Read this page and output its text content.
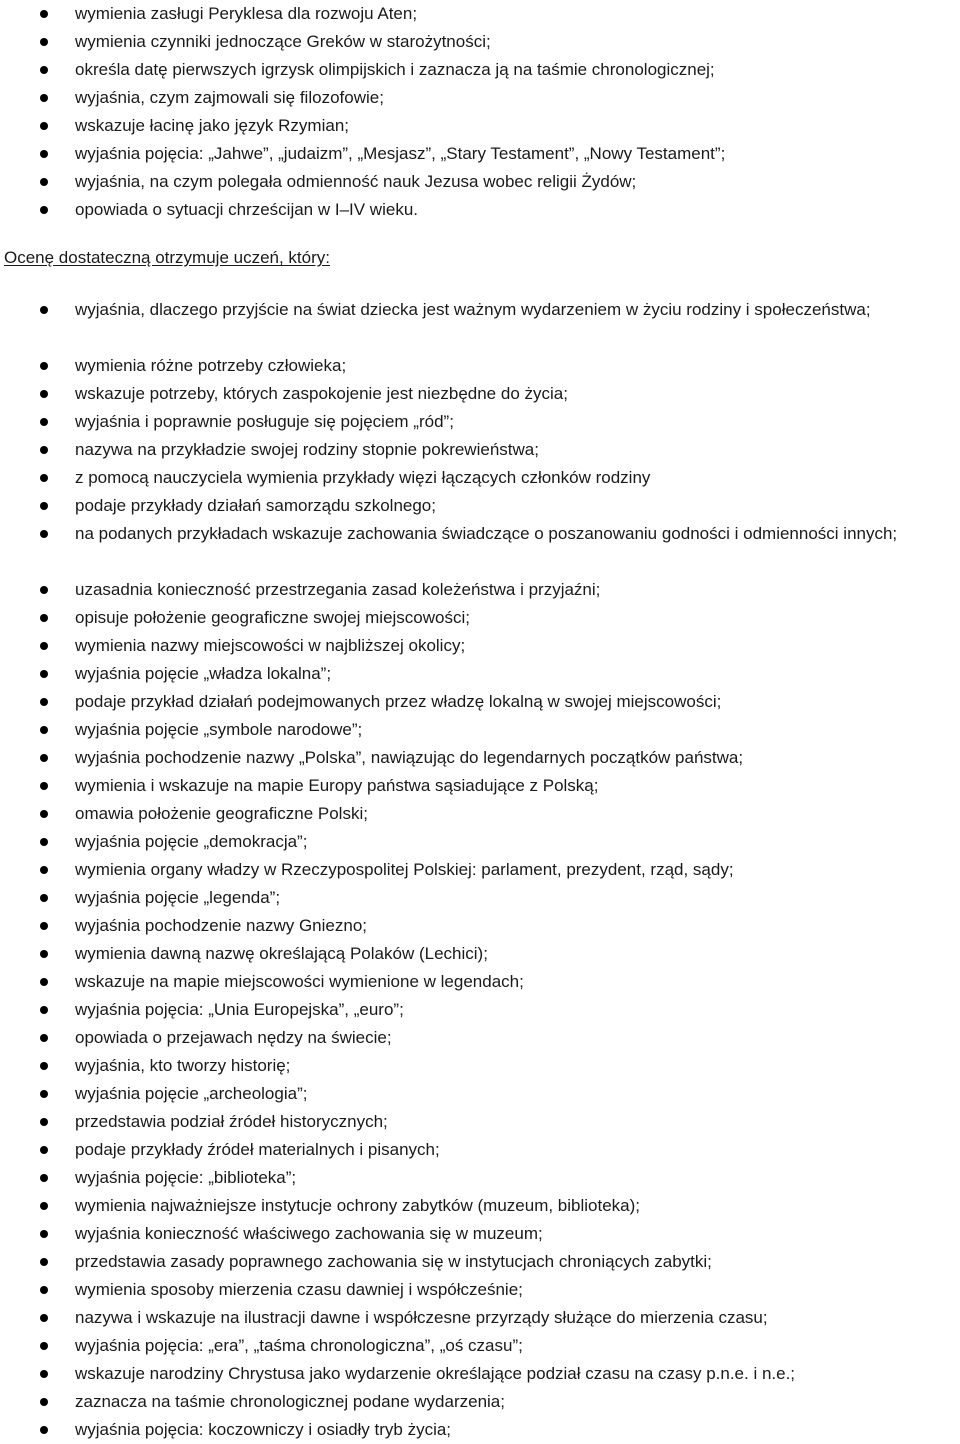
wymienia zasługi Peryklesa dla rozwoju Aten;
wymienia czynniki jednoczące Greków w starożytności;
określa datę pierwszych igrzysk olimpijskich i zaznacza ją na taśmie chronologicznej;
wyjaśnia, czym zajmowali się filozofowie;
wskazuje łacinę jako język Rzymian;
wyjaśnia pojęcia: „Jahwe”, „judaizm”, „Mesjasz”, „Stary Testament”, „Nowy Testament”;
wyjaśnia, na czym polegała odmienność nauk Jezusa wobec religii Żydów;
opowiada o sytuacji chrześcijan w I–IV wieku.
Ocenę dostateczną otrzymuje uczeń, który:
wyjaśnia, dlaczego przyjście na świat dziecka jest ważnym wydarzeniem w życiu rodziny i społeczeństwa;
wymienia różne potrzeby człowieka;
wskazuje potrzeby, których zaspokojenie jest niezbędne do życia;
wyjaśnia i poprawnie posługuje się pojęciem „ród”;
nazywa na przykładzie swojej rodziny stopnie pokrewieństwa;
z pomocą nauczyciela wymienia przykłady więzi łączących członków rodziny
podaje przykłady działań samorządu szkolnego;
na podanych przykładach wskazuje zachowania świadczące o poszanowaniu godności i odmienności innych;
uzasadnia konieczność przestrzegania zasad koleżeństwa i przyjaźni;
opisuje położenie geograficzne swojej miejscowości;
wymienia nazwy miejscowości w najbliższej okolicy;
wyjaśnia pojęcie „władza lokalna”;
podaje przykład działań podejmowanych przez władzę lokalną w swojej miejscowości;
wyjaśnia pojęcie „symbole narodowe”;
wyjaśnia pochodzenie nazwy „Polska”, nawiązując do legendarnych początków państwa;
wymienia i wskazuje na mapie Europy państwa sąsiadujące z Polską;
omawia położenie geograficzne Polski;
wyjaśnia pojęcie „demokracja”;
wymienia organy władzy w Rzeczypospolitej Polskiej: parlament, prezydent, rząd, sądy;
wyjaśnia pojęcie „legenda”;
wyjaśnia pochodzenie nazwy Gniezno;
wymienia dawną nazwę określającą Polaków (Lechici);
wskazuje na mapie miejscowości wymienione w legendach;
wyjaśnia pojęcia: „Unia Europejska”, „euro”;
opowiada o przejawach nędzy na świecie;
wyjaśnia, kto tworzy historię;
wyjaśnia pojęcie „archeologia”;
przedstawia podział źródeł historycznych;
podaje przykłady źródeł materialnych i pisanych;
wyjaśnia pojęcie: „biblioteka”;
wymienia najważniejsze instytucje ochrony zabytków (muzeum, biblioteka);
wyjaśnia konieczność właściwego zachowania się w muzeum;
przedstawia zasady poprawnego zachowania się w instytucjach chroniących zabytki;
wymienia sposoby mierzenia czasu dawniej i współcześnie;
nazywa i wskazuje na ilustracji dawne i współczesne przyrządy służące do mierzenia czasu;
wyjaśnia pojęcia: „era”, „taśma chronologiczna”, „oś czasu”;
wskazuje narodziny Chrystusa jako wydarzenie określające podział czasu na czasy p.n.e. i n.e.;
zaznacza na taśmie chronologicznej podane wydarzenia;
wyjaśnia pojęcia: koczowniczy i osiadły tryb życia;
